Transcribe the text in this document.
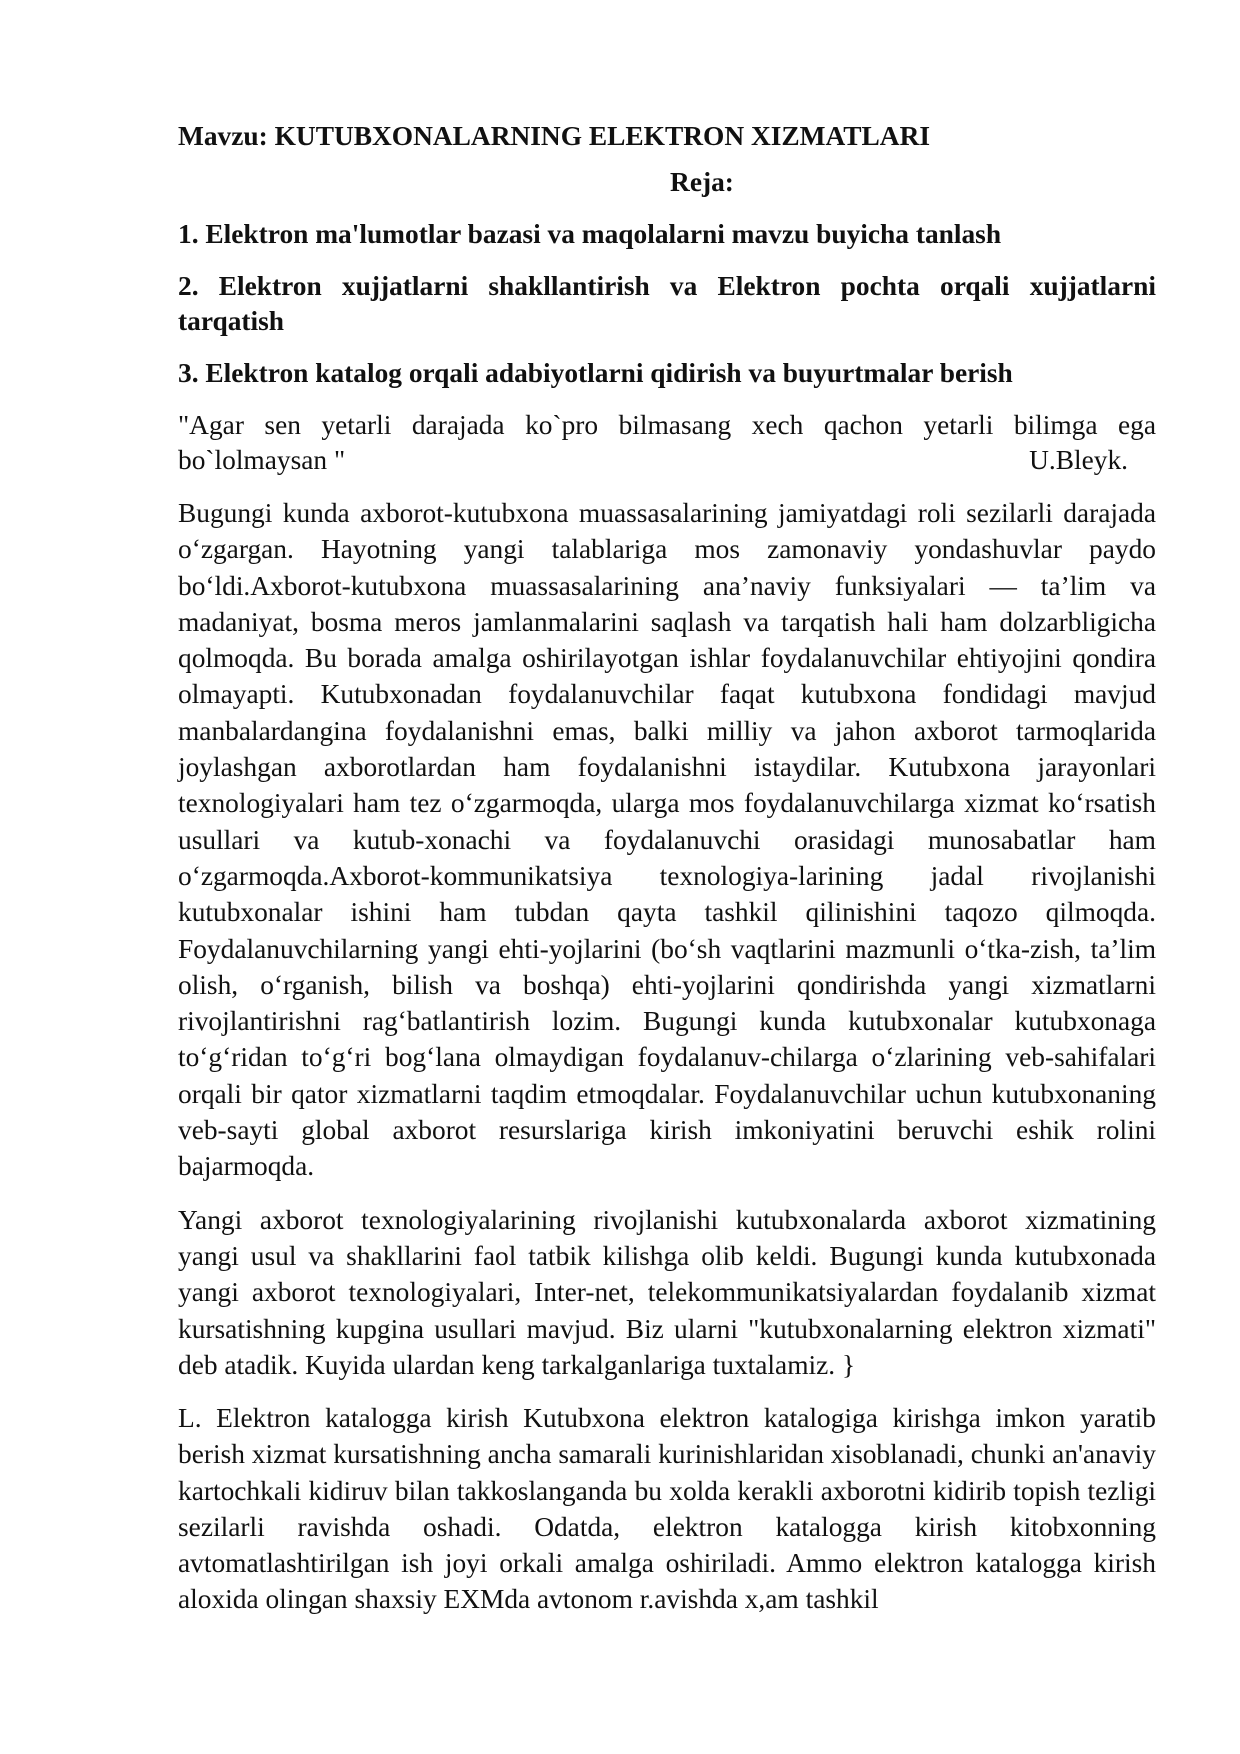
Mavzu: KUTUBXONALARNING ELEKTRON XIZMATLARI

Reja:

1. Elektron ma'lumotlar bazasi va maqolalarni mavzu buyicha tanlash

2. Elektron xujjatlarni shakllantirish va Elektron pochta orqali xujjatlarni tarqatish

3. Elektron katalog orqali adabiyotlarni qidirish va buyurtmalar berish

"Agar sen yetarli darajada ko`pro bilmasang xech qachon yetarli bilimga ega
bo`lolmaysan "	U.Bleyk.

Bugungi kunda axborot-kutubxona muassasalarining jamiyatdagi roli sezilarli darajada o‘zgargan. Hayotning yangi talablariga mos zamonaviy yondashuvlar paydo bo‘ldi.Axborot-kutubxona muassasalarining ana’naviy funksiyalari — ta’lim va madaniyat, bosma meros jamlanmalarini saqlash va tarqatish hali ham dolzarbligicha qolmoqda. Bu borada amalga oshirilayotgan ishlar foydalanuvchilar ehtiyojini qondira olmayapti. Kutubxonadan foydalanuvchilar faqat kutubxona fondidagi mavjud manbalardangina foydalanishni emas, balki milliy va jahon axborot tarmoqlarida joylashgan axborotlardan ham foydalanishni istaydilar. Kutubxona jarayonlari texnologiyalari ham tez o‘zgarmoqda, ularga mos foydalanuvchilarga xizmat ko‘rsatish usullari va kutub-xonachi va foydalanuvchi orasidagi munosabatlar ham o‘zgarmoqda.Axborot-kommunikatsiya texnologiya-larining jadal rivojlanishi kutubxonalar ishini ham tubdan qayta tashkil qilinishini taqozo qilmoqda. Foydalanuvchilarning yangi ehti-yojlarini (bo‘sh vaqtlarini mazmunli o‘tka-zish, ta’lim olish, o‘rganish, bilish va boshqa) ehti-yojlarini qondirishda yangi xizmatlarni rivojlantirishni rag‘batlantirish lozim. Bugungi kunda kutubxonalar kutubxonaga to‘g‘ridan to‘g‘ri bog‘lana olmaydigan foydalanuv-chilarga o‘zlarining veb-sahifalari orqali bir qator xizmatlarni taqdim etmoqdalar. Foydalanuvchilar uchun kutubxonaning veb-sayti global axborot resurslariga kirish imkoniyatini beruvchi eshik rolini bajarmoqda.

Yangi axborot texnologiyalarining rivojlanishi kutubxonalarda axborot xizmatining yangi usul va shakllarini faol tatbik kilishga olib keldi. Bugungi kunda kutubxonada yangi axborot texnologiyalari, Inter-net, telekommunikatsiyalardan foydalanib xizmat kursatishning kupgina usullari mavjud. Biz ularni "kutubxonalarning elektron xizmati" deb atadik. Kuyida ulardan keng tarkalganlariga tuxtalamiz. }

L. Elektron katalogga kirish Kutubxona elektron katalogiga kirishga imkon yaratib berish xizmat kursatishning ancha samarali kurinishlaridan xisoblanadi, chunki an'anaviy kartochkali kidiruv bilan takkoslanganda bu xolda kerakli axborotni kidirib topish tezligi sezilarli ravishda oshadi. Odatda, elektron katalogga kirish kitobxonning avtomatlashtirilgan ish joyi orkali amalga oshiriladi. Ammo elektron katalogga kirish aloxida olingan shaxsiy EXMda avtonom r.avishda x,am tashkil
